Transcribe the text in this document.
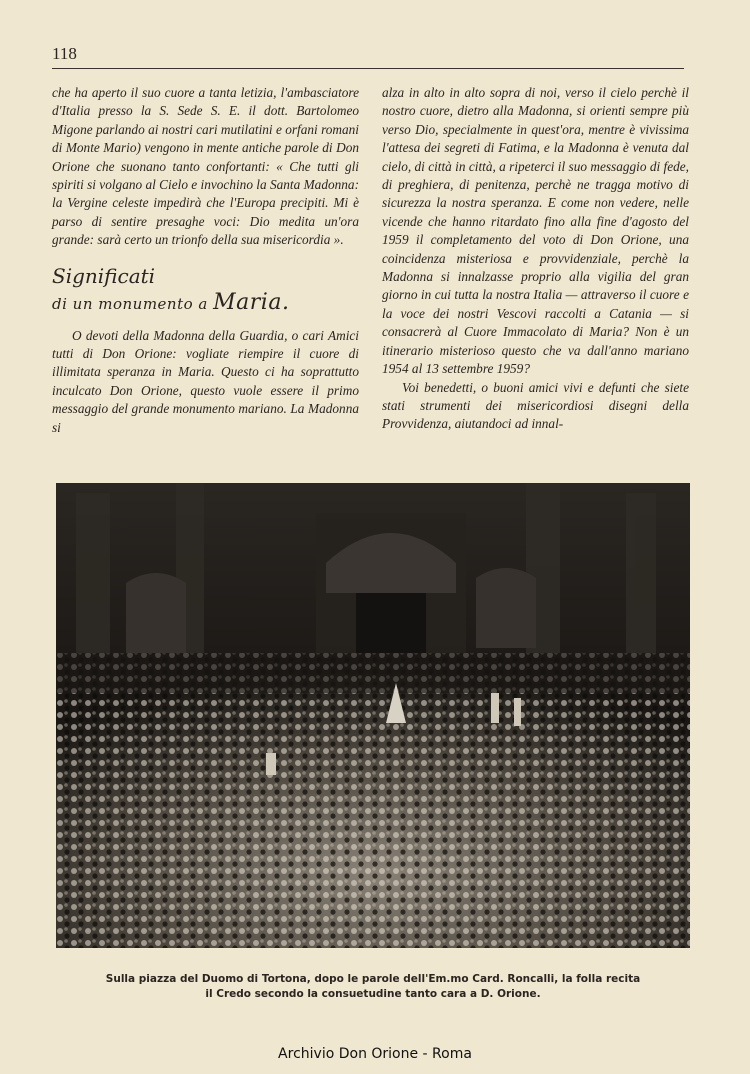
118

che ha aperto il suo cuore a tanta letizia, l'ambasciatore d'Italia presso la S. Sede S. E. il dott. Bartolomeo Migone parlando ai nostri cari mutilatini e orfani romani di Monte Mario) vengono in mente antiche parole di Don Orione che suonano tanto confortanti: « Che tutti gli spiriti si volgano al Cielo e invochino la Santa Madonna: la Vergine celeste impedirà che l'Europa precipiti. Mi è parso di sentire presaghe voci: Dio medita un'ora grande: sarà certo un trionfo della sua misericordia ».

Significati
di un monumento a Maria.

O devoti della Madonna della Guardia, o cari Amici tutti di Don Orione: vogliate riempire il cuore di illimitata speranza in Maria. Questo ci ha soprattutto inculcato Don Orione, questo vuole essere il primo messaggio del grande monumento mariano. La Madonna si

alza in alto in alto sopra di noi, verso il cielo perchè il nostro cuore, dietro alla Madonna, si orienti sempre più verso Dio, specialmente in quest'ora, mentre è vivissima l'attesa dei segreti di Fatima, e la Madonna è venuta dal cielo, di città in città, a ripeterci il suo messaggio di fede, di preghiera, di penitenza, perchè ne tragga motivo di sicurezza la nostra speranza. E come non vedere, nelle vicende che hanno ritardato fino alla fine d'agosto del 1959 il completamento del voto di Don Orione, una coincidenza misteriosa e provvidenziale, perchè la Madonna si innalzasse proprio alla vigilia del gran giorno in cui tutta la nostra Italia — attraverso il cuore e la voce dei nostri Vescovi raccolti a Catania — si consacrerà al Cuore Immacolato di Maria? Non è un itinerario misterioso questo che va dall'anno mariano 1954 al 13 settembre 1959?

Voi benedetti, o buoni amici vivi e defunti che siete stati strumenti dei misericordiosi disegni della Provvidenza, aiutandoci ad innal-

Sulla piazza del Duomo di Tortona, dopo le parole dell'Em.mo Card. Roncalli, la folla recita
il Credo secondo la consuetudine tanto cara a D. Orione.
Archivio Don Orione - Roma
